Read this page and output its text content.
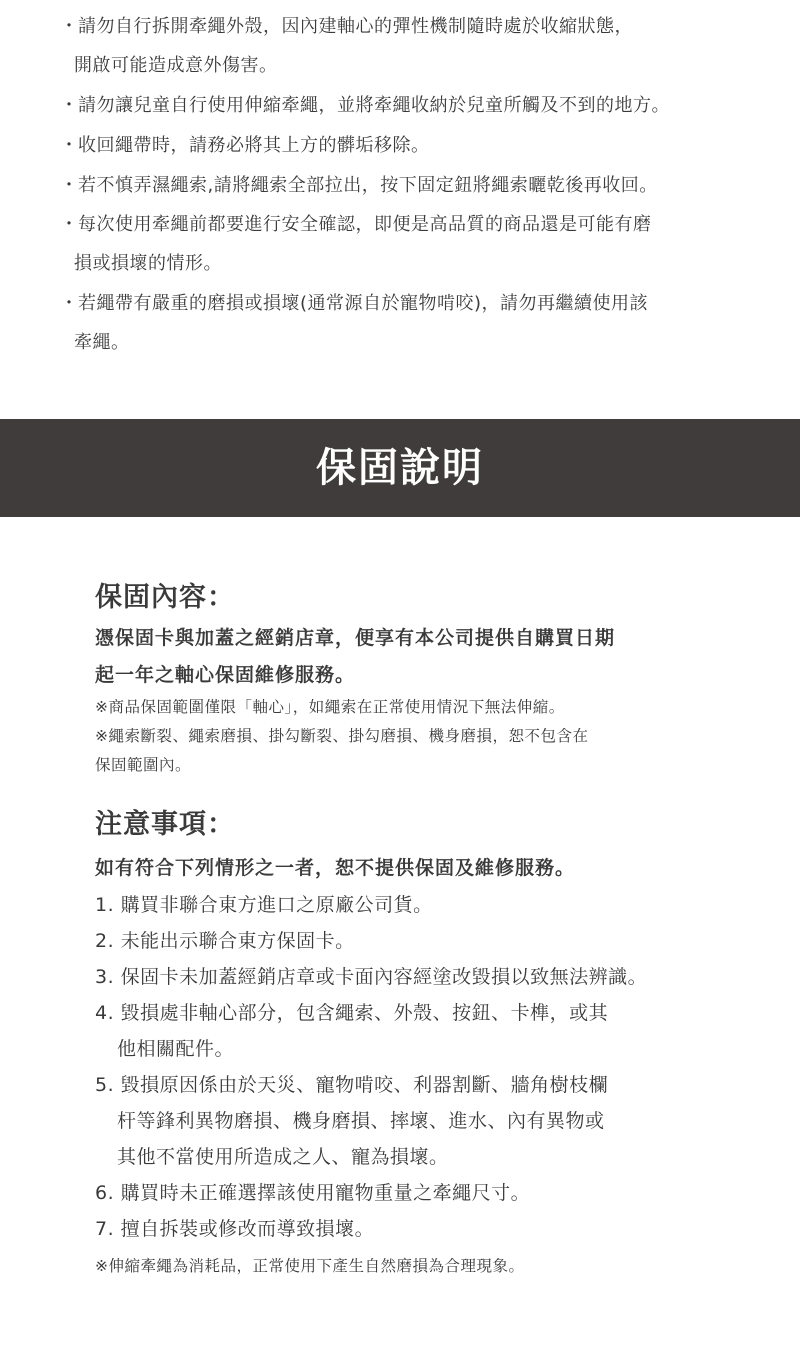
・請勿自行拆開牽繩外殼，因內建軸心的彈性機制隨時處於收縮狀態，
開啟可能造成意外傷害。
・請勿讓兒童自行使用伸縮牽繩，並將牽繩收納於兒童所觸及不到的地方。
・收回繩帶時，請務必將其上方的髒垢移除。
・若不慎弄濕繩索,請將繩索全部拉出，按下固定鈕將繩索曬乾後再收回。
・每次使用牽繩前都要進行安全確認，即便是高品質的商品還是可能有磨
損或損壞的情形。
・若繩帶有嚴重的磨損或損壞(通常源自於寵物啃咬)，請勿再繼續使用該
牽繩。
保固說明
保固內容：
憑保固卡與加蓋之經銷店章，便享有本公司提供自購買日期
起一年之軸心保固維修服務。
※商品保固範圍僅限「軸心」，如繩索在正常使用情況下無法伸縮。
※繩索斷裂、繩索磨損、掛勾斷裂、掛勾磨損、機身磨損，恕不包含在
保固範圍內。
注意事項：
如有符合下列情形之一者，恕不提供保固及維修服務。
1. 購買非聯合東方進口之原廠公司貨。
2. 未能出示聯合東方保固卡。
3. 保固卡未加蓋經銷店章或卡面內容經塗改毀損以致無法辨識。
4. 毀損處非軸心部分，包含繩索、外殼、按鈕、卡榫，或其
他相關配件。
5. 毀損原因係由於天災、寵物啃咬、利器割斷、牆角樹枝欄
杆等鋒利異物磨損、機身磨損、摔壞、進水、內有異物或
其他不當使用所造成之人、寵為損壞。
6. 購買時未正確選擇該使用寵物重量之牽繩尺寸。
7. 擅自拆裝或修改而導致損壞。
※伸縮牽繩為消耗品，正常使用下產生自然磨損為合理現象。
